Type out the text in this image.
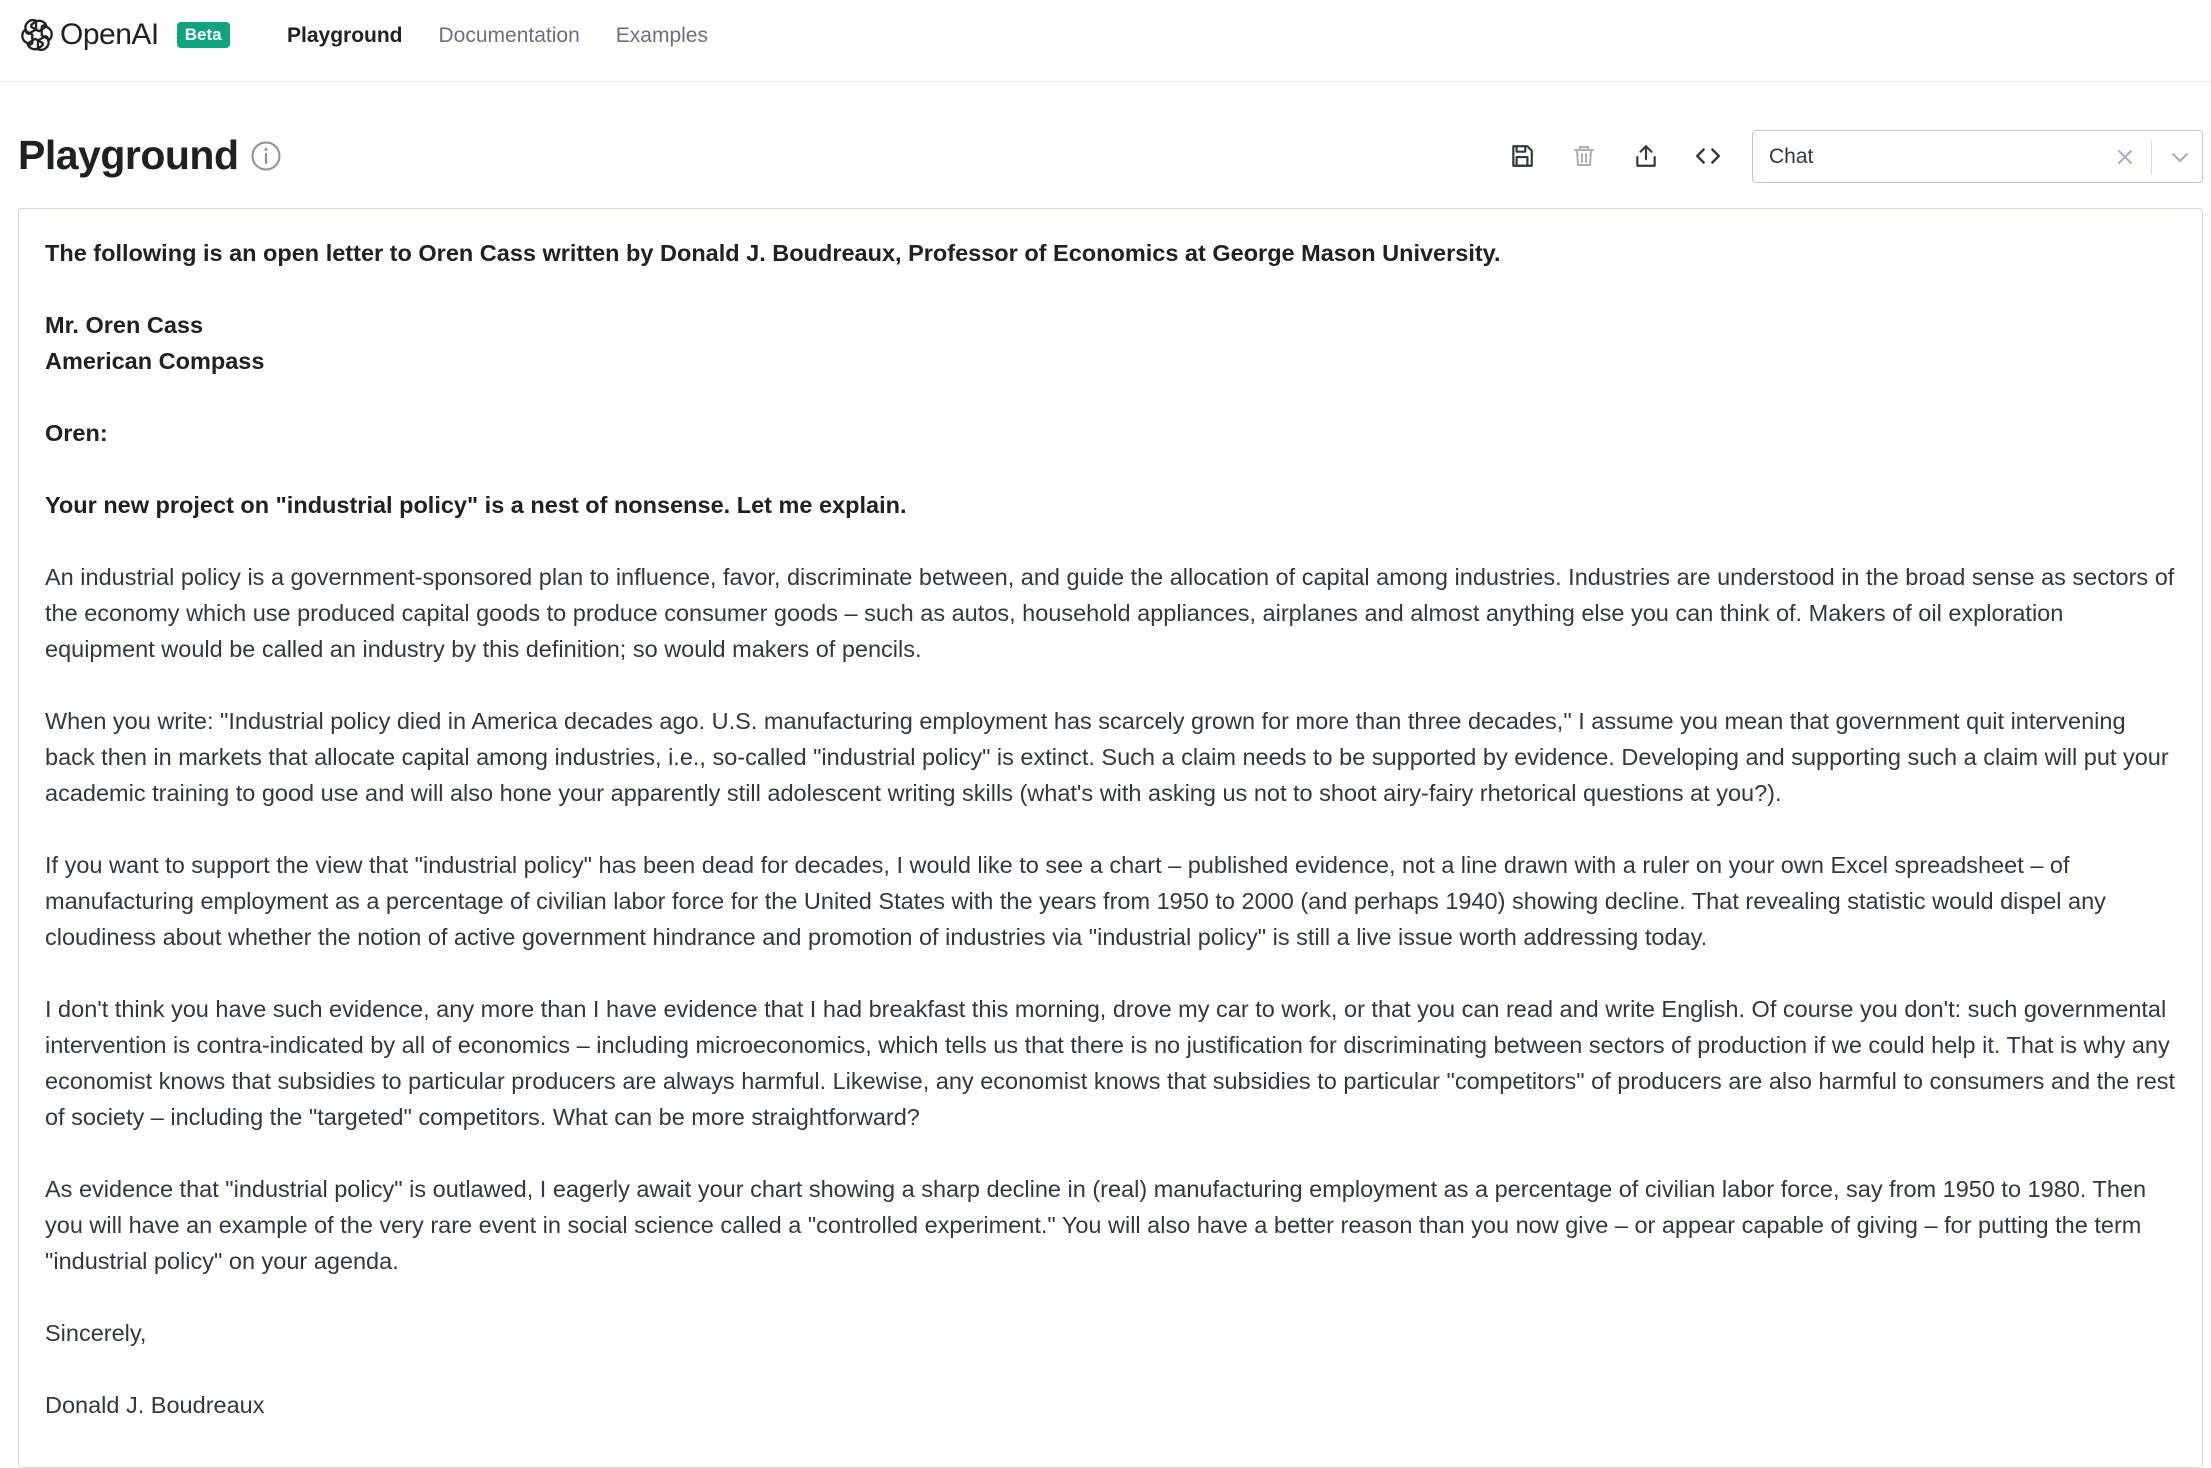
OpenAI	Beta	Playground Documentation Examples
Playground	Chat

The following is an open letter to Oren Cass written by Donald J. Boudreaux, Professor of Economics at George Mason University.

Mr. Oren Cass

American Compass

Oren:

Your new project on "industrial policy" is a nest of nonsense. Let me explain.

An industrial policy is a government-sponsored plan to influence, favor, discriminate between, and guide the allocation of capital among industries. Industries are understood in the broad sense as sectors of the economy which use produced capital goods to produce consumer goods – such as autos, household appliances, airplanes and almost anything else you can think of. Makers of oil exploration equipment would be called an industry by this definition; so would makers of pencils.

When you write: "Industrial policy died in America decades ago. U.S. manufacturing employment has scarcely grown for more than three decades," I assume you mean that government quit intervening back then in markets that allocate capital among industries, i.e., so-called "industrial policy" is extinct. Such a claim needs to be supported by evidence. Developing and supporting such a claim will put your academic training to good use and will also hone your apparently still adolescent writing skills (what's with asking us not to shoot airy-fairy rhetorical questions at you?).

If you want to support the view that "industrial policy" has been dead for decades, I would like to see a chart – published evidence, not a line drawn with a ruler on your own Excel spreadsheet – of manufacturing employment as a percentage of civilian labor force for the United States with the years from 1950 to 2000 (and perhaps 1940) showing decline. That revealing statistic would dispel any cloudiness about whether the notion of active government hindrance and promotion of industries via "industrial policy" is still a live issue worth addressing today.

I don't think you have such evidence, any more than I have evidence that I had breakfast this morning, drove my car to work, or that you can read and write English. Of course you don't: such governmental intervention is contra-indicated by all of economics – including microeconomics, which tells us that there is no justification for discriminating between sectors of production if we could help it. That is why any economist knows that subsidies to particular producers are always harmful. Likewise, any economist knows that subsidies to particular "competitors" of producers are also harmful to consumers and the rest of society – including the "targeted" competitors. What can be more straightforward?

As evidence that "industrial policy" is outlawed, I eagerly await your chart showing a sharp decline in (real) manufacturing employment as a percentage of civilian labor force, say from 1950 to 1980. Then you will have an example of the very rare event in social science called a "controlled experiment." You will also have a better reason than you now give – or appear capable of giving – for putting the term "industrial policy" on your agenda.

Sincerely,

Donald J. Boudreaux
